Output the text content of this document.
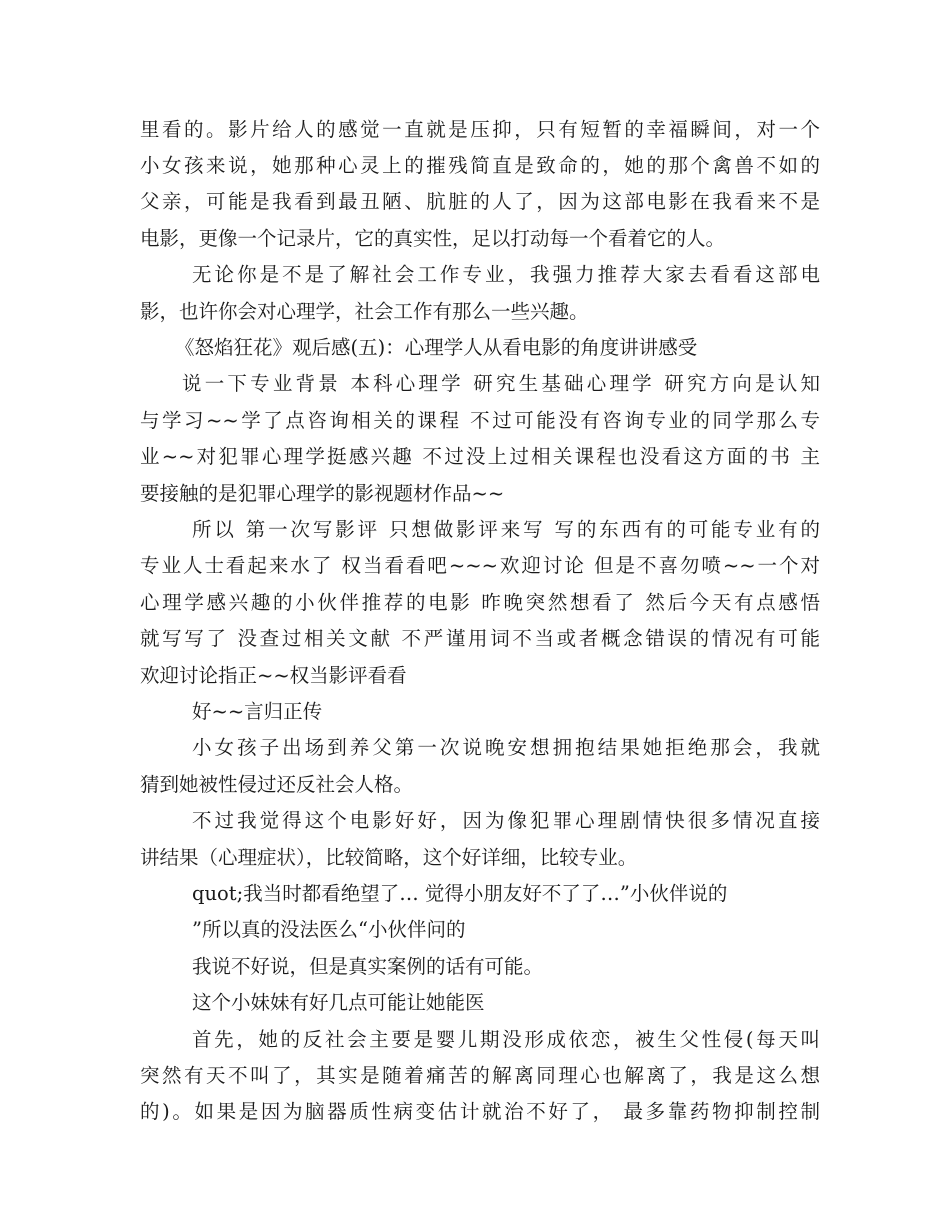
里看的。影片给人的感觉一直就是压抑，只有短暂的幸福瞬间，对一个
小女孩来说，她那种心灵上的摧残简直是致命的，她的那个禽兽不如的
父亲，可能是我看到最丑陋、肮脏的人了，因为这部电影在我看来不是
电影，更像一个记录片，它的真实性，足以打动每一个看着它的人。
无论你是不是了解社会工作专业，我强力推荐大家去看看这部电
影，也许你会对心理学，社会工作有那么一些兴趣。
《怒焰狂花》观后感(五)：心理学人从看电影的角度讲讲感受
说一下专业背景 本科心理学 研究生基础心理学 研究方向是认知
与学习~~学了点咨询相关的课程 不过可能没有咨询专业的同学那么专
业~~对犯罪心理学挺感兴趣 不过没上过相关课程也没看这方面的书 主
要接触的是犯罪心理学的影视题材作品~~
所以 第一次写影评 只想做影评来写 写的东西有的可能专业有的
专业人士看起来水了 权当看看吧~~~欢迎讨论 但是不喜勿喷~~一个对
心理学感兴趣的小伙伴推荐的电影 昨晚突然想看了 然后今天有点感悟
就写写了 没查过相关文献 不严谨用词不当或者概念错误的情况有可能
欢迎讨论指正~~权当影评看看
好~~言归正传
小女孩子出场到养父第一次说晚安想拥抱结果她拒绝那会，我就
猜到她被性侵过还反社会人格。
不过我觉得这个电影好好，因为像犯罪心理剧情快很多情况直接
讲结果（心理症状），比较简略，这个好详细，比较专业。
quot;我当时都看绝望了… 觉得小朋友好不了了…”小伙伴说的
”所以真的没法医么“小伙伴问的
我说不好说，但是真实案例的话有可能。
这个小妹妹有好几点可能让她能医
首先，她的反社会主要是婴儿期没形成依恋，被生父性侵(每天叫
突然有天不叫了，其实是随着痛苦的解离同理心也解离了，我是这么想
的)。如果是因为脑器质性病变估计就治不好了， 最多靠药物抑制控制
